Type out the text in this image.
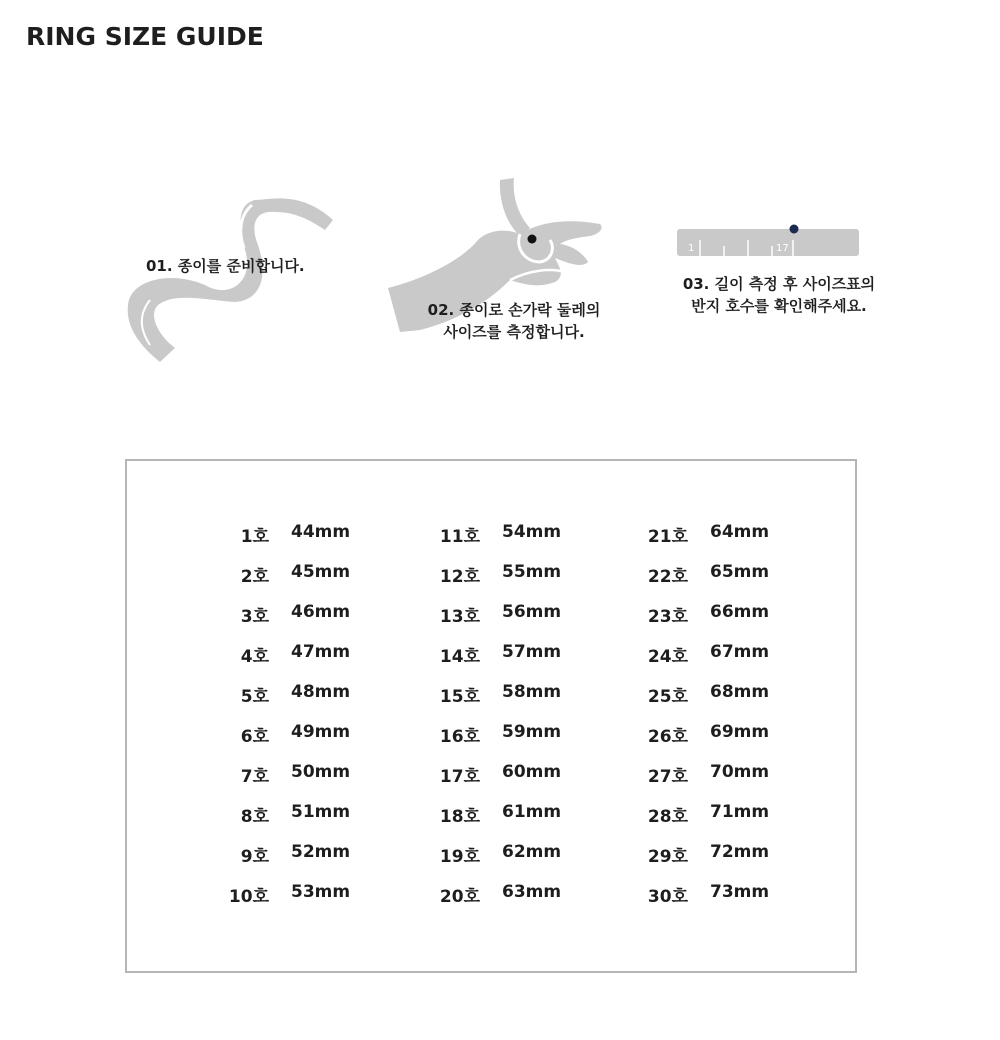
RING SIZE GUIDE
1	17
01. 종이를 준비합니다.
02. 종이로 손가락 둘레의
사이즈를 측정합니다.
03. 길이 측정 후 사이즈표의
반지 호수를 확인해주세요.
1호 44mm
2호 45mm
3호 46mm
4호 47mm
5호 48mm
6호 49mm
7호 50mm
8호 51mm
9호 52mm
10호 53mm
11호 54mm
12호 55mm
13호 56mm
14호 57mm
15호 58mm
16호 59mm
17호 60mm
18호 61mm
19호 62mm
20호 63mm
21호 64mm
22호 65mm
23호 66mm
24호 67mm
25호 68mm
26호 69mm
27호 70mm
28호 71mm
29호 72mm
30호 73mm
